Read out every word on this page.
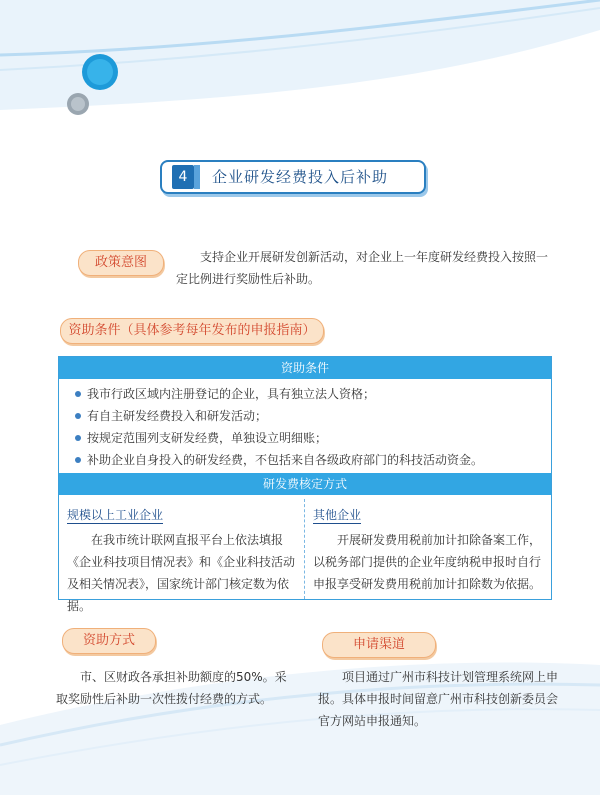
4	企业研发经费投入后补助
政策意图	支持企业开展研发创新活动，对企业上一年度研发经费投入按照一定比例进行奖励性后补助。
资助条件（具体参考每年发布的申报指南）
资助条件
我市行政区域内注册登记的企业，具有独立法人资格；
有自主研发经费投入和研发活动；
按规定范围列支研发经费，单独设立明细账；
补助企业自身投入的研发经费，不包括来自各级政府部门的科技活动资金。
研发费核定方式
规模以上工业企业
在我市统计联网直报平台上依法填报《企业科技项目情况表》和《企业科技活动及相关情况表》，国家统计部门核定数为依据。
其他企业
开展研发费用税前加计扣除备案工作，以税务部门提供的企业年度纳税申报时自行申报享受研发费用税前加计扣除数为依据。
资助方式
市、区财政各承担补助额度的50%。采取奖励性后补助一次性拨付经费的方式。
申请渠道
项目通过广州市科技计划管理系统网上申报。具体申报时间留意广州市科技创新委员会官方网站申报通知。
